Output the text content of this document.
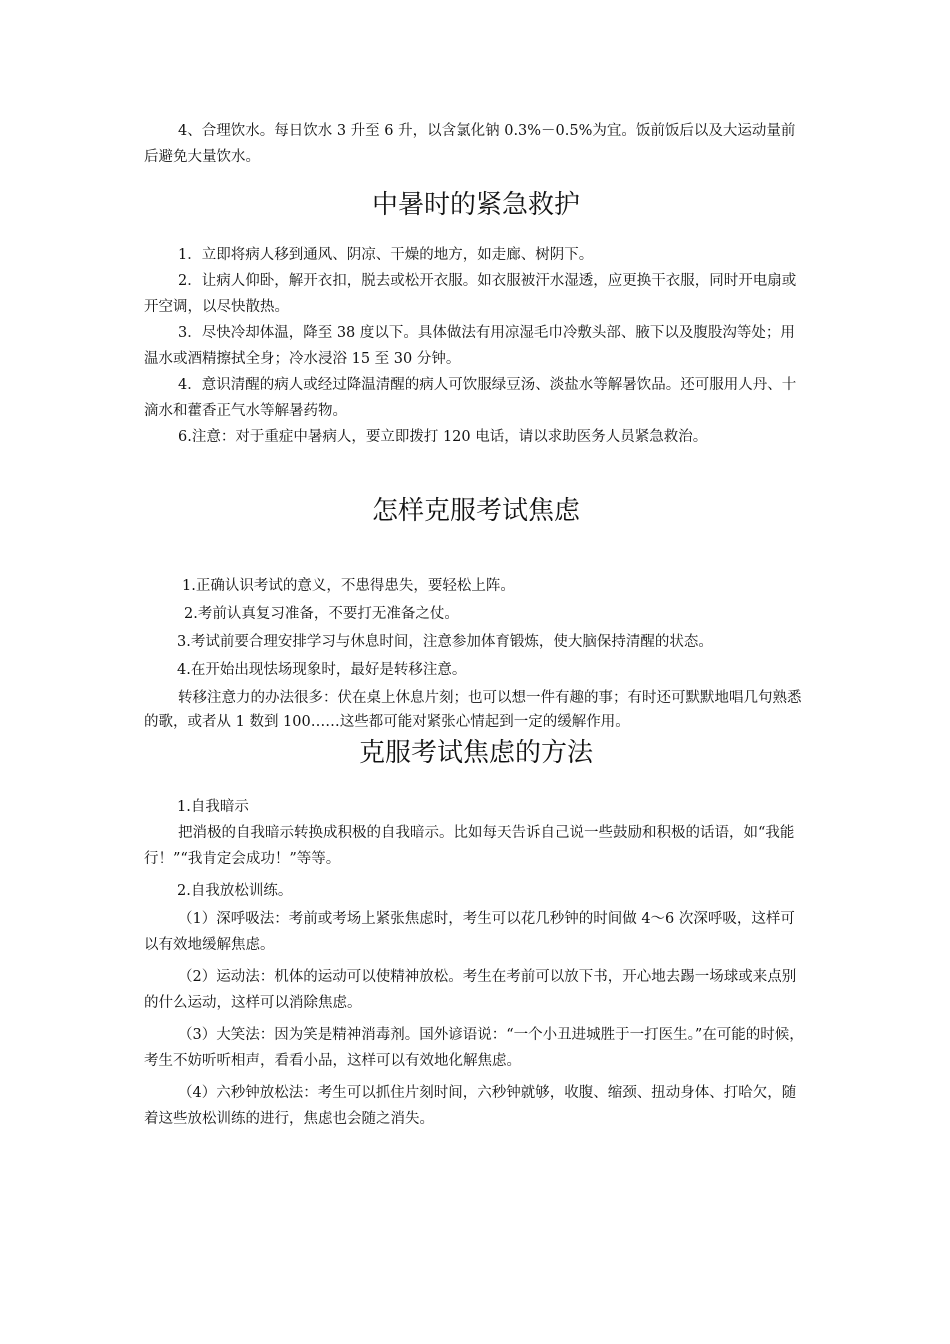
4、合理饮水。每日饮水 3 升至 6 升，以含氯化钠 0.3%－0.5%为宜。饭前饭后以及大运动量前后避免大量饮水。
中暑时的紧急救护
1．立即将病人移到通风、阴凉、干燥的地方，如走廊、树阴下。
2．让病人仰卧，解开衣扣，脱去或松开衣服。如衣服被汗水湿透，应更换干衣服，同时开电扇或开空调，以尽快散热。
3．尽快冷却体温，降至 38 度以下。具体做法有用凉湿毛巾冷敷头部、腋下以及腹股沟等处；用温水或酒精擦拭全身；冷水浸浴 15 至 30 分钟。
4．意识清醒的病人或经过降温清醒的病人可饮服绿豆汤、淡盐水等解暑饮品。还可服用人丹、十滴水和藿香正气水等解暑药物。
6.注意：对于重症中暑病人，要立即拨打 120 电话，请以求助医务人员紧急救治。
怎样克服考试焦虑
1.正确认识考试的意义，不患得患失，要轻松上阵。
2.考前认真复习准备，不要打无准备之仗。
3.考试前要合理安排学习与休息时间，注意参加体育锻炼，使大脑保持清醒的状态。
4.在开始出现怯场现象时，最好是转移注意。
转移注意力的办法很多：伏在桌上休息片刻；也可以想一件有趣的事；有时还可默默地唱几句熟悉的歌，或者从 1 数到 100……这些都可能对紧张心情起到一定的缓解作用。
克服考试焦虑的方法
1.自我暗示
把消极的自我暗示转换成积极的自我暗示。比如每天告诉自己说一些鼓励和积极的话语，如“我能行！”“我肯定会成功！”等等。
2.自我放松训练。
（1）深呼吸法：考前或考场上紧张焦虑时，考生可以花几秒钟的时间做 4～6 次深呼吸，这样可以有效地缓解焦虑。
（2）运动法：机体的运动可以使精神放松。考生在考前可以放下书，开心地去踢一场球或来点别的什么运动，这样可以消除焦虑。
（3）大笑法：因为笑是精神消毒剂。国外谚语说：“一个小丑进城胜于一打医生。”在可能的时候，考生不妨听听相声，看看小品，这样可以有效地化解焦虑。
（4）六秒钟放松法：考生可以抓住片刻时间，六秒钟就够，收腹、缩颈、扭动身体、打哈欠，随着这些放松训练的进行，焦虑也会随之消失。
